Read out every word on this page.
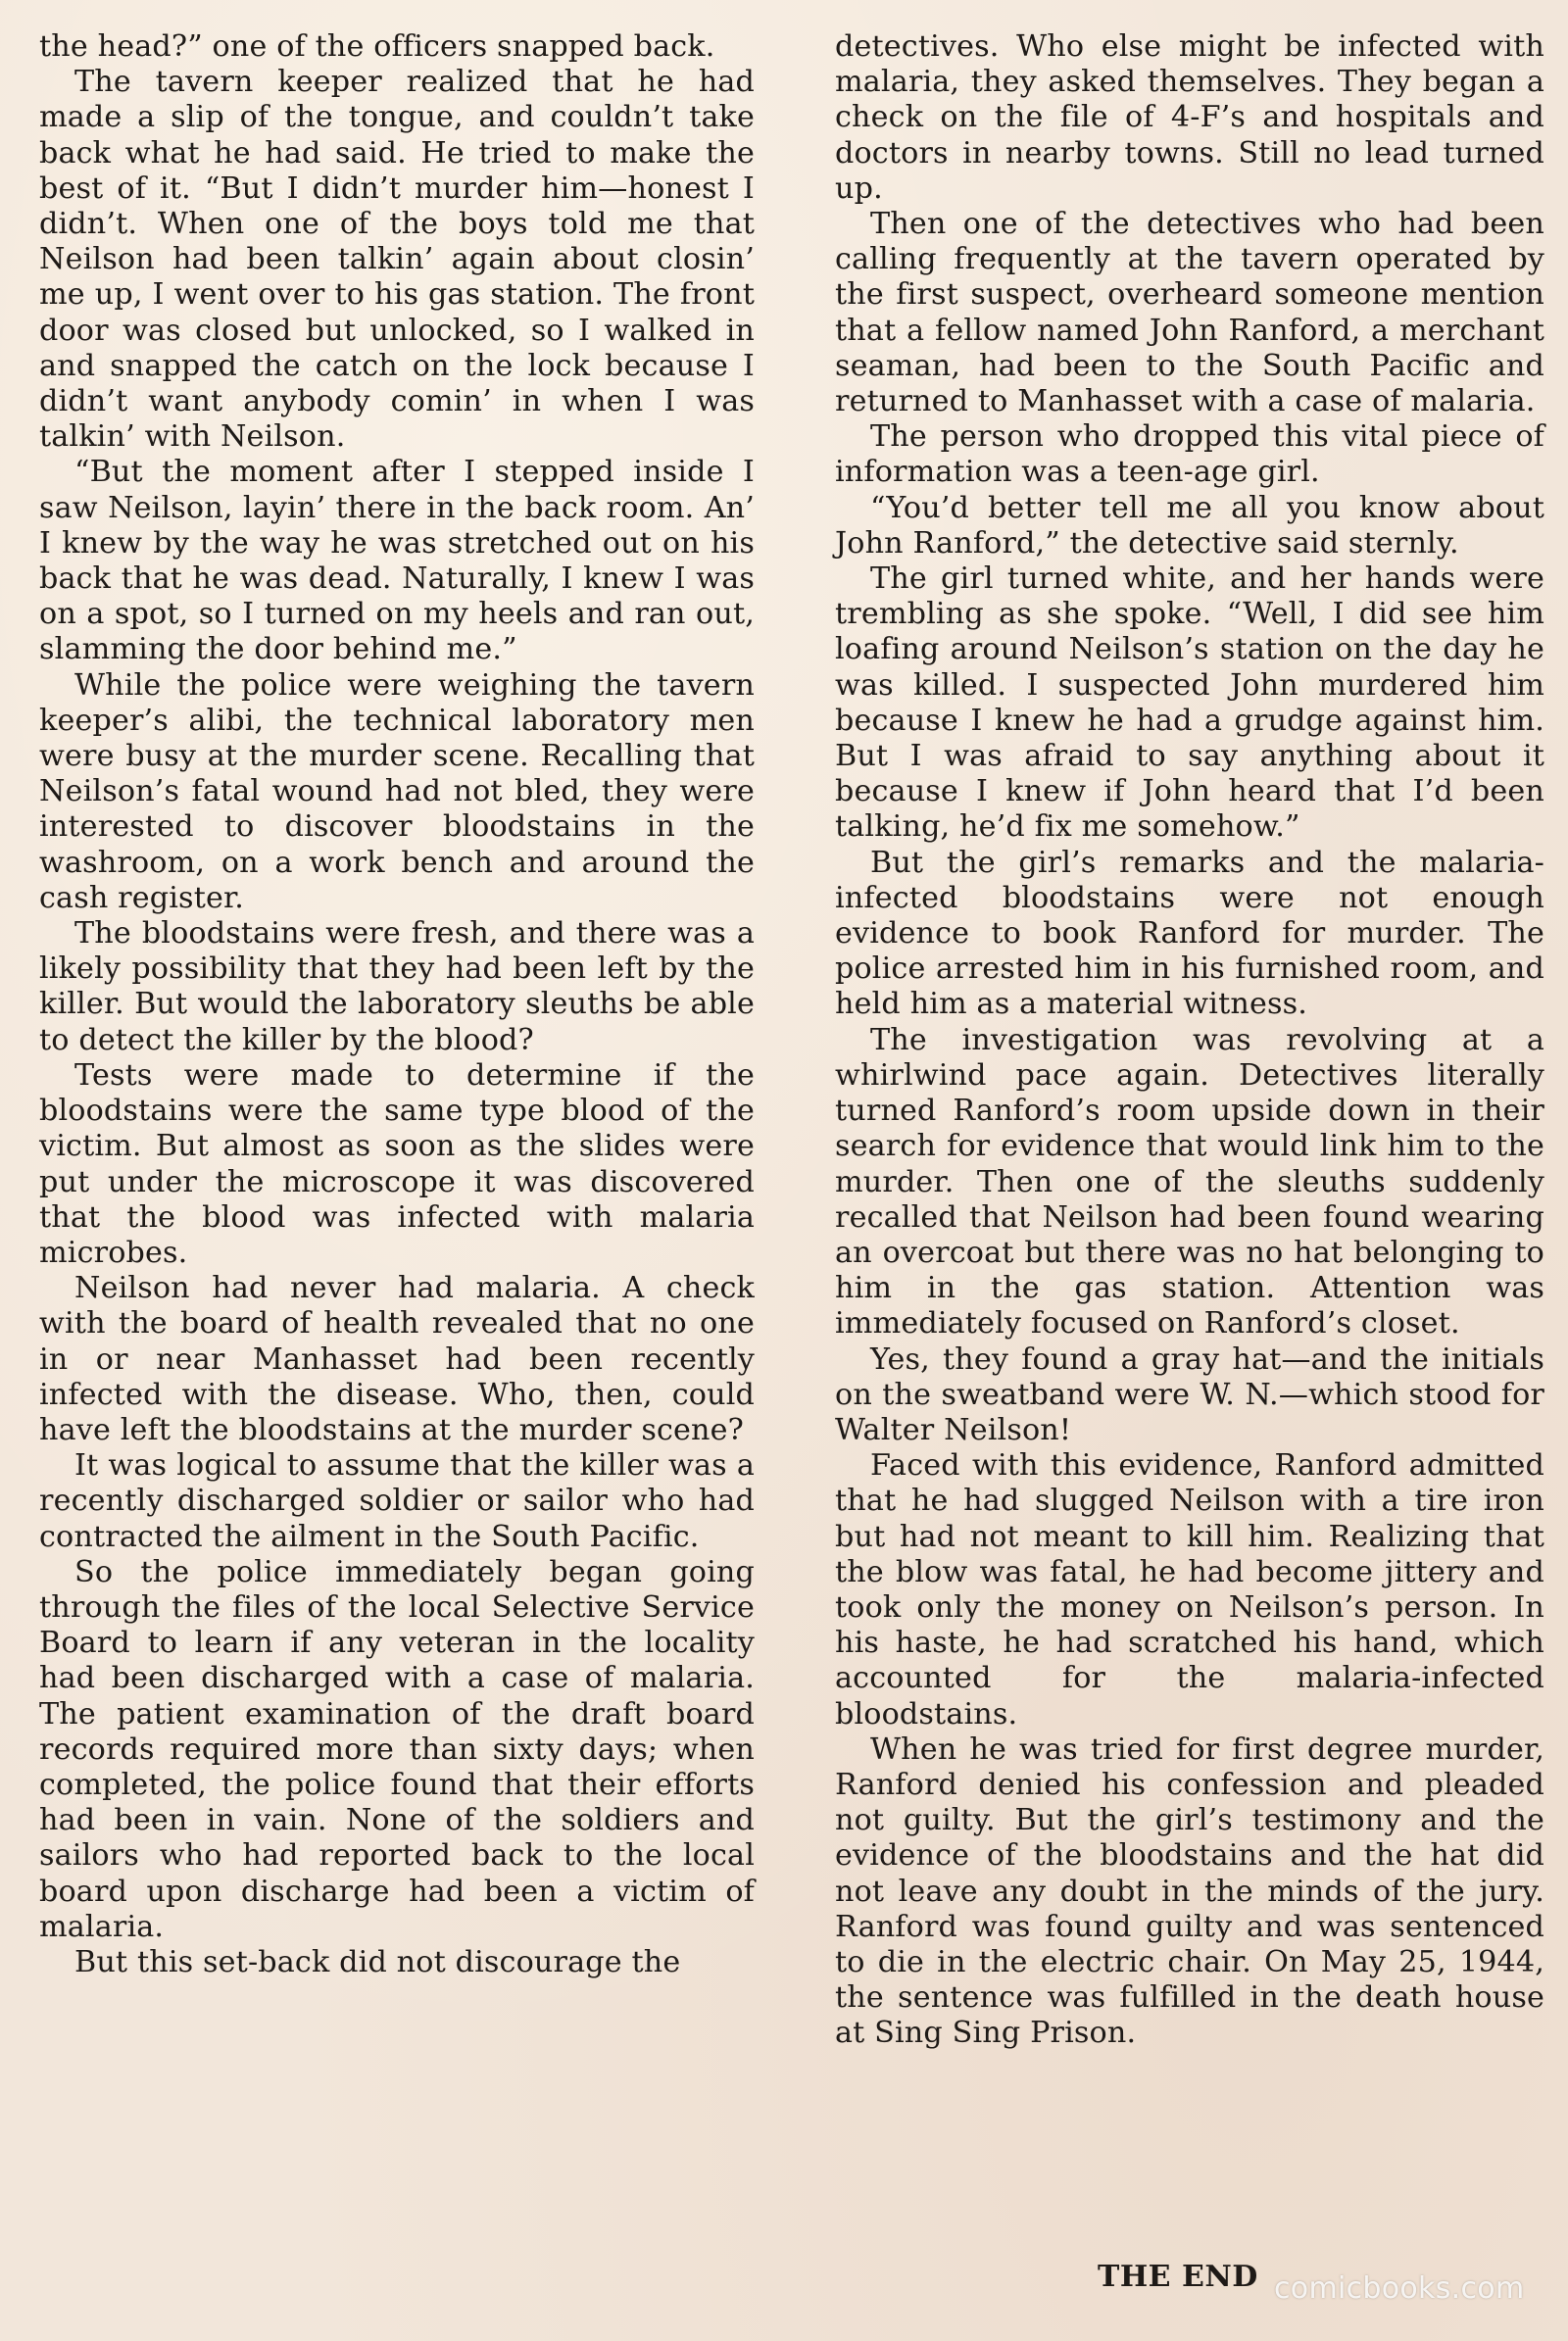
the head?” one of the officers snapped back.

The tavern keeper realized that he had made a slip of the tongue, and couldn’t take back what he had said. He tried to make the best of it. “But I didn’t murder him—honest I didn’t. When one of the boys told me that Neilson had been talkin’ again about closin’ me up, I went over to his gas station. The front door was closed but unlocked, so I walked in and snapped the catch on the lock because I didn’t want anybody comin’ in when I was talkin’ with Neilson.

“But the moment after I stepped inside I saw Neilson, layin’ there in the back room. An’ I knew by the way he was stretched out on his back that he was dead. Naturally, I knew I was on a spot, so I turned on my heels and ran out, slamming the door behind me.”

While the police were weighing the tavern keeper’s alibi, the technical laboratory men were busy at the murder scene. Recalling that Neilson’s fatal wound had not bled, they were interested to discover bloodstains in the washroom, on a work bench and around the cash register.

The bloodstains were fresh, and there was a likely possibility that they had been left by the killer. But would the laboratory sleuths be able to detect the killer by the blood?

Tests were made to determine if the bloodstains were the same type blood of the victim. But almost as soon as the slides were put under the microscope it was discovered that the blood was infected with malaria microbes.

Neilson had never had malaria. A check with the board of health revealed that no one in or near Manhasset had been recently infected with the disease. Who, then, could have left the bloodstains at the murder scene?

It was logical to assume that the killer was a recently discharged soldier or sailor who had contracted the ailment in the South Pacific.

So the police immediately began going through the files of the local Selective Service Board to learn if any veteran in the locality had been discharged with a case of malaria. The patient examination of the draft board records required more than sixty days; when completed, the police found that their efforts had been in vain. None of the soldiers and sailors who had reported back to the local board upon discharge had been a victim of malaria.

But this set-back did not discourage the

detectives. Who else might be infected with malaria, they asked themselves. They began a check on the file of 4-F’s and hospitals and doctors in nearby towns. Still no lead turned up.

Then one of the detectives who had been calling frequently at the tavern operated by the first suspect, overheard someone mention that a fellow named John Ranford, a merchant seaman, had been to the South Pacific and returned to Manhasset with a case of malaria.

The person who dropped this vital piece of information was a teen-age girl.

“You’d better tell me all you know about John Ranford,” the detective said sternly.

The girl turned white, and her hands were trembling as she spoke. “Well, I did see him loafing around Neilson’s station on the day he was killed. I suspected John murdered him because I knew he had a grudge against him. But I was afraid to say anything about it because I knew if John heard that I’d been talking, he’d fix me somehow.”

But the girl’s remarks and the malaria-infected bloodstains were not enough evidence to book Ranford for murder. The police arrested him in his furnished room, and held him as a material witness.

The investigation was revolving at a whirlwind pace again. Detectives literally turned Ranford’s room upside down in their search for evidence that would link him to the murder. Then one of the sleuths suddenly recalled that Neilson had been found wearing an overcoat but there was no hat belonging to him in the gas station. Attention was immediately focused on Ranford’s closet.

Yes, they found a gray hat—and the initials on the sweatband were W. N.—which stood for Walter Neilson!

Faced with this evidence, Ranford admitted that he had slugged Neilson with a tire iron but had not meant to kill him. Realizing that the blow was fatal, he had become jittery and took only the money on Neilson’s person. In his haste, he had scratched his hand, which accounted for the malaria-infected bloodstains.

When he was tried for first degree murder, Ranford denied his confession and pleaded not guilty. But the girl’s testimony and the evidence of the bloodstains and the hat did not leave any doubt in the minds of the jury. Ranford was found guilty and was sentenced to die in the electric chair. On May 25, 1944, the sentence was fulfilled in the death house at Sing Sing Prison.

THE END comicbooks.com
